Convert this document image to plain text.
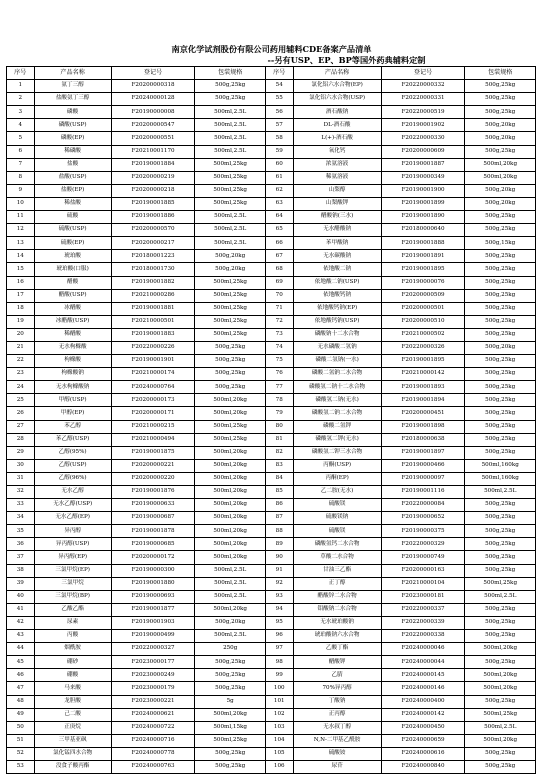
南京化学试剂股份有限公司药用辅料CDE备案产品清单
--另有USP、EP、BP等国外药典辅料定制
序号	产品名称	登记号	包装规格	序号	产品名称	登记号	包装规格
1	氨丁三醇	F20200000318	500g,25kg	54	氯化铝六水合物(EP)	F20220000332	500g,25kg
2	盐酸氨丁三醇	F20240000128	500g,25kg	55	氯化铝六水合物(USP)	F20220000331	500g,25kg
3	磷酸	F20190000008	500ml,2.5L	56	酒石酸钠	F20220000519	500g,25kg
4	磷酸(USP)	F20200000547	500ml,2.5L	57	DL-酒石酸	F20190001902	500g,20kg
5	磷酸(EP)	F20200000551	500ml,2.5L	58	L(+)-酒石酸	F20220000330	500g,20kg
6	稀磷酸	F20210001170	500ml,2.5L	59	氧化钙	F20200000609	500g,25kg
7	盐酸	F20190001884	500ml,25kg	60	浓氨溶液	F20190001887	500ml,20kg
8	盐酸(USP)	F20200000219	500ml,25kg	61	稀氨溶液	F20190000349	500ml,20kg
9	盐酸(EP)	F20200000218	500ml,25kg	62	山梨醇	F20190001900	500g,20kg
10	稀盐酸	F20190001885	500ml,25kg	63	山梨酸钾	F20190001899	500g,20kg
11	硫酸	F20190001886	500ml,2.5L	64	醋酸钠(三水)	F20190001890	500g,25kg
12	硫酸(USP)	F20200000570	500ml,2.5L	65	无水醋酸钠	F20180000640	500g,25kg
13	硫酸(EP)	F20200000217	500ml,2.5L	66	苯甲酸钠	F20190001888	500g,15kg
14	琥珀酸	F20180001223	500g,20kg	67	无水碳酸钠	F20190001891	500g,25kg
15	琥珀酸(口服)	F20180001730	500g,20kg	68	依地酸二钠	F20190001895	500g,25kg
16	醋酸	F20190001882	500ml,25kg	69	依地酸二钠(USP)	F20190000076	500g,25kg
17	醋酸(USP)	F20210000286	500ml,25kg	70	依地酸钙钠	F20200000509	500g,25kg
18	冰醋酸	F20190001881	500ml,25kg	71	依地酸钙钠(EP)	F20200000501	500g,25kg
19	冰醋酸(USP)	F20210000501	500ml,25kg	72	依地酸钙钠(USP)	F20200000510	500g,25kg
20	稀醋酸	F20190001883	500ml,25kg	73	磷酸钠十二水合物	F20210000502	500g,25kg
21	无水枸橼酸	F20220000226	500g,25kg	74	无水磷酸二氢钠	F20220000326	500g,20kg
22	枸橼酸	F20190001901	500g,25kg	75	磷酸二氢钠(一水)	F20190001895	500g,25kg
23	枸橼酸钠	F20210000174	500g,25kg	76	磷酸二氢钠二水合物	F20210000142	500g,25kg
24	无水枸橼酸钠	F20240000764	500g,25kg	77	磷酸氢二钠十二水合物	F20190001893	500g,25kg
25	甲醇(USP)	F20200000173	500ml,20kg	78	磷酸氢二钠(无水)	F20190001894	500g,25kg
26	甲醇(EP)	F20200000171	500ml,20kg	79	磷酸氢二钠二水合物	F20200000451	500g,25kg
27	苯乙醇	F20210000215	500ml,25kg	80	磷酸二氢钾	F20190001898	500g,25kg
28	苯乙醇(USP)	F20210000494	500ml,25kg	81	磷酸氢二钾(无水)	F20180000638	500g,25kg
29	乙醇(95%)	F20190001875	500ml,20kg	82	磷酸氢二钾三水合物	F20190001897	500g,25kg
30	乙醇(USP)	F20200000221	500ml,20kg	83	丙酮(USP)	F20190000466	500ml,160kg
31	乙醇(96%)	F20200000220	500ml,20kg	84	丙酮(EP)	F20190000097	500ml,160kg
32	无水乙醇	F20190001876	500ml,20kg	85	乙二胺(无水)	F20190001116	500ml,2.5L
33	无水乙醇(USP)	F20190000633	500ml,20kg	86	硫酸镁	F20220000084	500g,25kg
34	无水乙醇(EP)	F20190000687	500ml,20kg	87	硫酸镁钠	F20190000652	500g,25kg
35	异丙醇	F20190001878	500ml,20kg	88	硫酸镁	F20190000375	500g,25kg
36	异丙醇(USP)	F20190000685	500ml,20kg	89	磷酸氢钙二水合物	F20220000329	500g,25kg
37	异丙醇(EP)	F20200000172	500ml,20kg	90	草酸二水合物	F20190000749	500g,25kg
38	三氯甲烷(EP)	F20190000300	500ml,2.5L	91	甘油三乙酯	F20200000163	500g,25kg
39	三氯甲烷	F20190001880	500ml,2.5L	92	正丁醇	F20210000104	500ml,25kg
40	三氯甲烷(BP)	F20190000693	500ml,2.5L	93	醋酸锌二水合物	F20230000181	500ml,2.5L
41	乙酸乙酯	F20190001877	500ml,20kg	94	钼酸钠二水合物	F20220000337	500g,25kg
42	尿素	F20190001903	500g,20kg	95	无水琥珀酸钠	F20220000339	500g,25kg
43	丙酸	F20190000499	500ml,2.5L	96	琥珀酸钠六水合物	F20220000338	500g,25kg
44	烟酰胺	F20220000327	250g	97	乙酸丁酯	F20240000046	500ml,20kg
45	硼砂	F20230000177	500g,25kg	98	醋酸钾	F20240000044	500g,25kg
46	硼酸	F20230000249	500g,25kg	99	乙腈	F20240000145	500ml,20kg
47	马来酸	F20230000179	500g,25kg	100	70%异丙醇	F20240000146	500ml,20kg
48	龙胆酸	F20230000221	5g	101	丁酸钠	F20240000400	500g,25kg
49	己二酸	F20240000621	500ml,20kg	102	正丙醇	F20240000142	500ml,25kg
50	正庚烷	F20240000722	500ml,15kg	103	无水叔丁醇	F20240000450	500ml,2.5L
51	三甲基亚砜	F20240000716	500ml,25kg	104	N,N-二甲基乙酰胺	F20240000659	500ml,20kg
52	氯化锰四水合物	F20240000778	500g,25kg	105	硫酸铵	F20240000616	500g,25kg
53	没食子酸丙酯	F20240000763	500g,25kg	106	尿苷	F20240000840	500g,25kg
